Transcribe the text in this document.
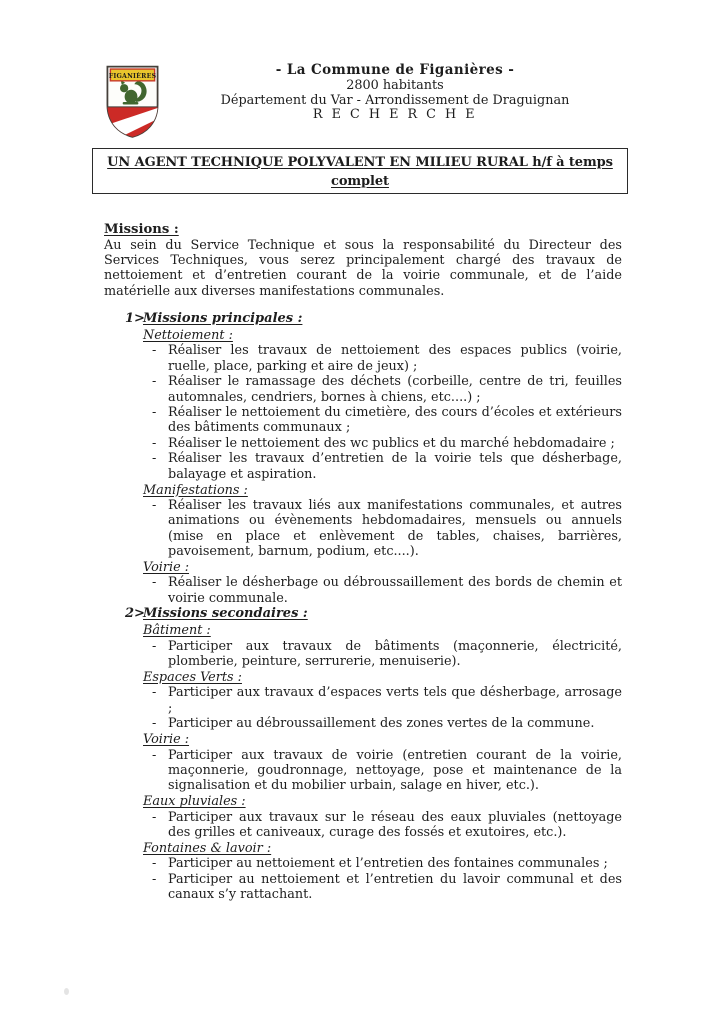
FIGANIÈRES	- La Commune de Figanières -
2800 habitants
Département du Var - Arrondissement de Draguignan
R E C H E R C H E
UN AGENT TECHNIQUE POLYVALENT EN MILIEU RURAL h/f à temps complet
Missions :

Au sein du Service Technique et sous la responsabilité du Directeur des Services Techniques, vous serez principalement chargé des travaux de nettoiement et d’entretien courant de la voirie communale, et de l’aide matérielle aux diverses manifestations communales.

1>Missions principales :
Nettoiement :
- Réaliser les travaux de nettoiement des espaces publics (voirie, ruelle, place, parking et aire de jeux) ;
- Réaliser le ramassage des déchets (corbeille, centre de tri, feuilles automnales, cendriers, bornes à chiens, etc....) ;
- Réaliser le nettoiement du cimetière, des cours d’écoles et extérieurs des bâtiments communaux ;
- Réaliser le nettoiement des wc publics et du marché hebdomadaire ;
- Réaliser les travaux d’entretien de la voirie tels que désherbage, balayage et aspiration.
Manifestations :
- Réaliser les travaux liés aux manifestations communales, et autres animations ou évènements hebdomadaires, mensuels ou annuels (mise en place et enlèvement de tables, chaises, barrières, pavoisement, barnum, podium, etc....).
Voirie :
- Réaliser le désherbage ou débroussaillement des bords de chemin et voirie communale.
2>Missions secondaires :
Bâtiment :
- Participer aux travaux de bâtiments (maçonnerie, électricité, plomberie, peinture, serrurerie, menuiserie).
Espaces Verts :
- Participer aux travaux d’espaces verts tels que désherbage, arrosage ;
- Participer au débroussaillement des zones vertes de la commune.
Voirie :
- Participer aux travaux de voirie (entretien courant de la voirie, maçonnerie, goudronnage, nettoyage, pose et maintenance de la signalisation et du mobilier urbain, salage en hiver, etc.).
Eaux pluviales :
- Participer aux travaux sur le réseau des eaux pluviales (nettoyage des grilles et caniveaux, curage des fossés et exutoires, etc.).
Fontaines & lavoir :
- Participer au nettoiement et l’entretien des fontaines communales ;
- Participer au nettoiement et l’entretien du lavoir communal et des canaux s’y rattachant.
